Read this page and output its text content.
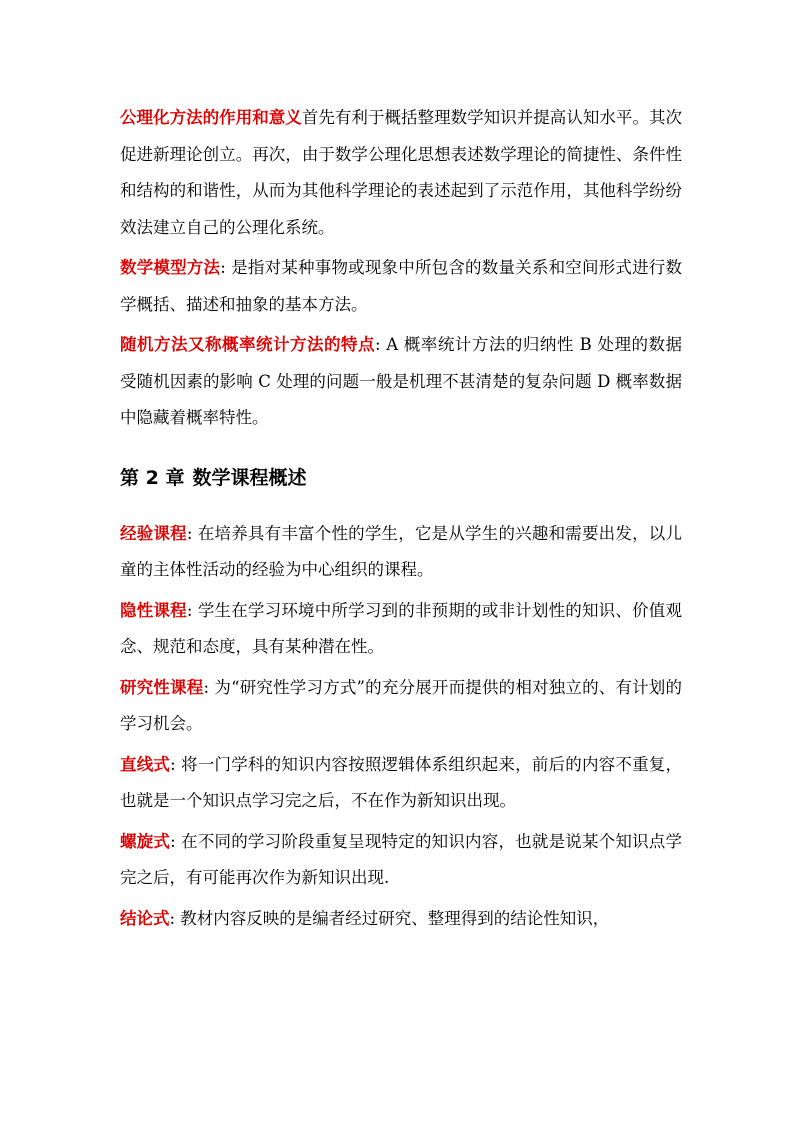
公理化方法的作用和意义首先有利于概括整理数学知识并提高认知水平。其次促进新理论创立。再次，由于数学公理化思想表述数学理论的简捷性、条件性和结构的和谐性，从而为其他科学理论的表述起到了示范作用，其他科学纷纷效法建立自己的公理化系统。

数学模型方法: 是指对某种事物或现象中所包含的数量关系和空间形式进行数学概括、描述和抽象的基本方法。

随机方法又称概率统计方法的特点: A 概率统计方法的归纳性 B 处理的数据受随机因素的影响 C 处理的问题一般是机理不甚清楚的复杂问题 D 概率数据中隐藏着概率特性。

第 2 章 数学课程概述

经验课程: 在培养具有丰富个性的学生，它是从学生的兴趣和需要出发，以儿童的主体性活动的经验为中心组织的课程。

隐性课程: 学生在学习环境中所学习到的非预期的或非计划性的知识、价值观念、规范和态度，具有某种潜在性。

研究性课程: 为“研究性学习方式”的充分展开而提供的相对独立的、有计划的学习机会。

直线式: 将一门学科的知识内容按照逻辑体系组织起来，前后的内容不重复，也就是一个知识点学习完之后，不在作为新知识出现。

螺旋式: 在不同的学习阶段重复呈现特定的知识内容，也就是说某个知识点学完之后，有可能再次作为新知识出现.

结论式: 教材内容反映的是编者经过研究、整理得到的结论性知识，
